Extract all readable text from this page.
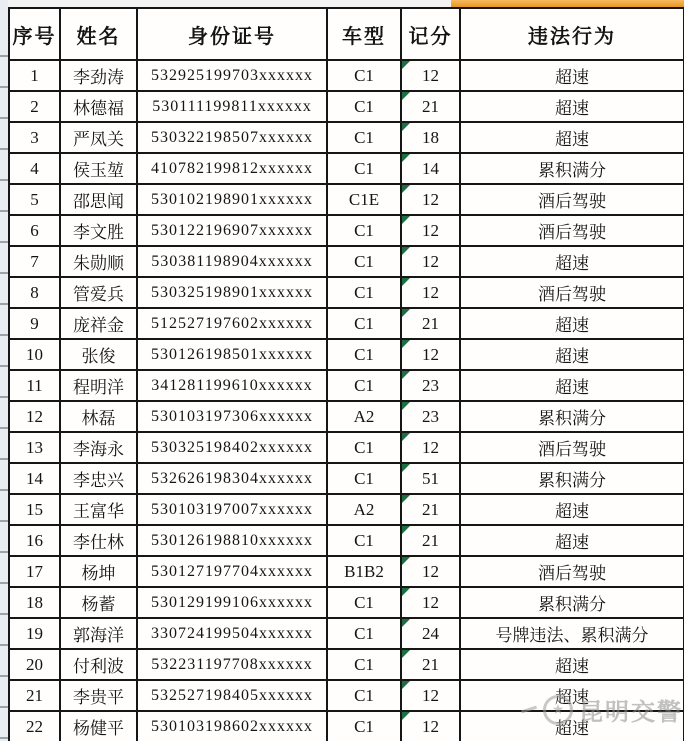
序号	姓名	身份证号	车型	记分	违法行为
1	李劲涛	532925199703xxxxxx	C1	12	超速
2	林德福	530111199811xxxxxx	C1	21	超速
3	严凤关	530322198507xxxxxx	C1	18	超速
4	侯玉堃	410782199812xxxxxx	C1	14	累积满分
5	邵思闻	530102198901xxxxxx	C1E	12	酒后驾驶
6	李文胜	530122196907xxxxxx	C1	12	酒后驾驶
7	朱勋顺	530381198904xxxxxx	C1	12	超速
8	管爱兵	530325198901xxxxxx	C1	12	酒后驾驶
9	庞祥金	512527197602xxxxxx	C1	21	超速
10	张俊	530126198501xxxxxx	C1	12	超速
11	程明洋	341281199610xxxxxx	C1	23	超速
12	林磊	530103197306xxxxxx	A2	23	累积满分
13	李海永	530325198402xxxxxx	C1	12	酒后驾驶
14	李忠兴	532626198304xxxxxx	C1	51	累积满分
15	王富华	530103197007xxxxxx	A2	21	超速
16	李仕林	530126198810xxxxxx	C1	21	超速
17	杨坤	530127197704xxxxxx	B1B2	12	酒后驾驶
18	杨蓄	530129199106xxxxxx	C1	12	累积满分
19	郭海洋	330724199504xxxxxx	C1	24	号牌违法、累积满分
20	付利波	532231197708xxxxxx	C1	21	超速
21	李贵平	532527198405xxxxxx	C1	12	超速
22	杨健平	530103198602xxxxxx	C1	12	超速

★ 昆明交警
